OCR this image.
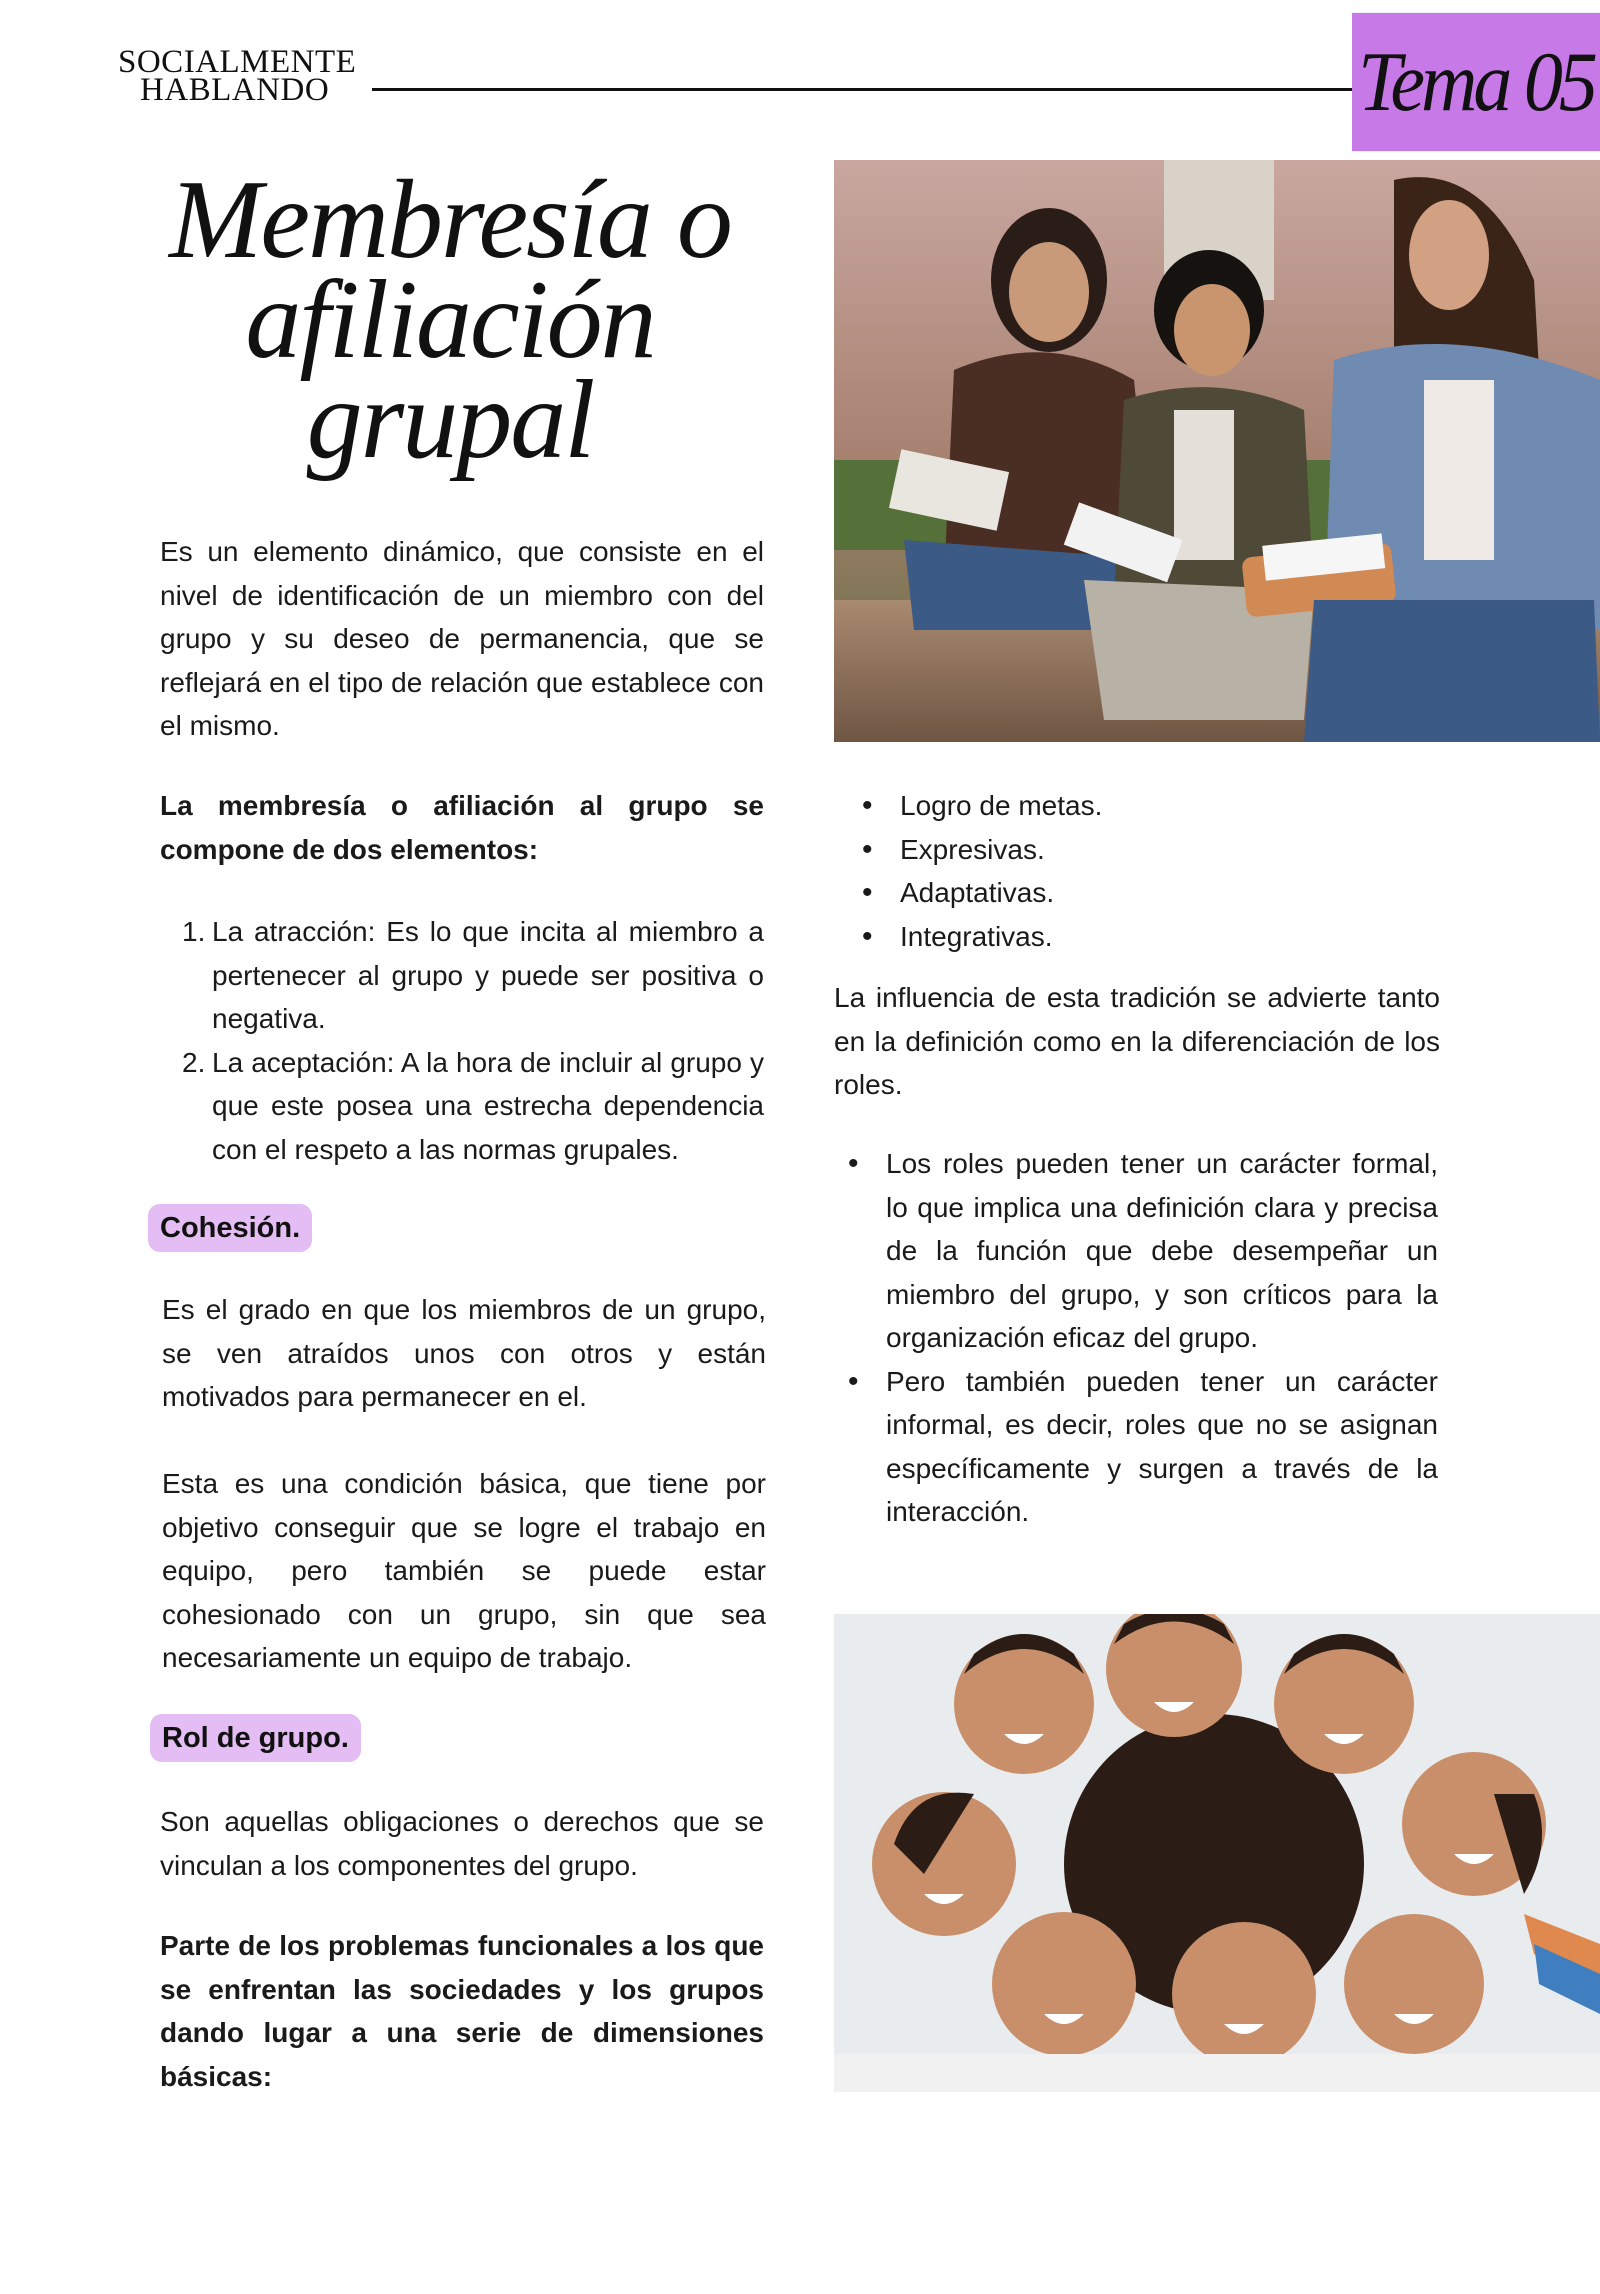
SOCIALMENTE
HABLANDO	Tema 05
Membresía o
afiliación
grupal
Es un elemento dinámico, que consiste en el nivel de identificación de un miembro con del grupo y su deseo de permanencia, que se reflejará en el tipo de relación que establece con el mismo.
La membresía o afiliación al grupo se compone de dos elementos:
1. La atracción: Es lo que incita al miembro a pertenecer al grupo y puede ser positiva o negativa.
2. La aceptación: A la hora de incluir al grupo y que este posea una estrecha dependencia con el respeto a las normas grupales.
Cohesión.
Es el grado en que los miembros de un grupo, se ven atraídos unos con otros y están motivados para permanecer en el.
Esta es una condición básica, que tiene por objetivo conseguir que se logre el trabajo en equipo, pero también se puede estar cohesionado con un grupo, sin que sea necesariamente un equipo de trabajo.
Rol de grupo.
Son aquellas obligaciones o derechos que se vinculan a los componentes del grupo.
Parte de los problemas funcionales a los que se enfrentan las sociedades y los grupos dando lugar a una serie de dimensiones básicas:
• Logro de metas.
• Expresivas.
• Adaptativas.
• Integrativas.
La influencia de esta tradición se advierte tanto en la definición como en la diferenciación de los roles.
• Los roles pueden tener un carácter formal, lo que implica una definición clara y precisa de la función que debe desempeñar un miembro del grupo, y son críticos para la organización eficaz del grupo.
• Pero también pueden tener un carácter informal, es decir, roles que no se asignan específicamente y surgen a través de la interacción.
